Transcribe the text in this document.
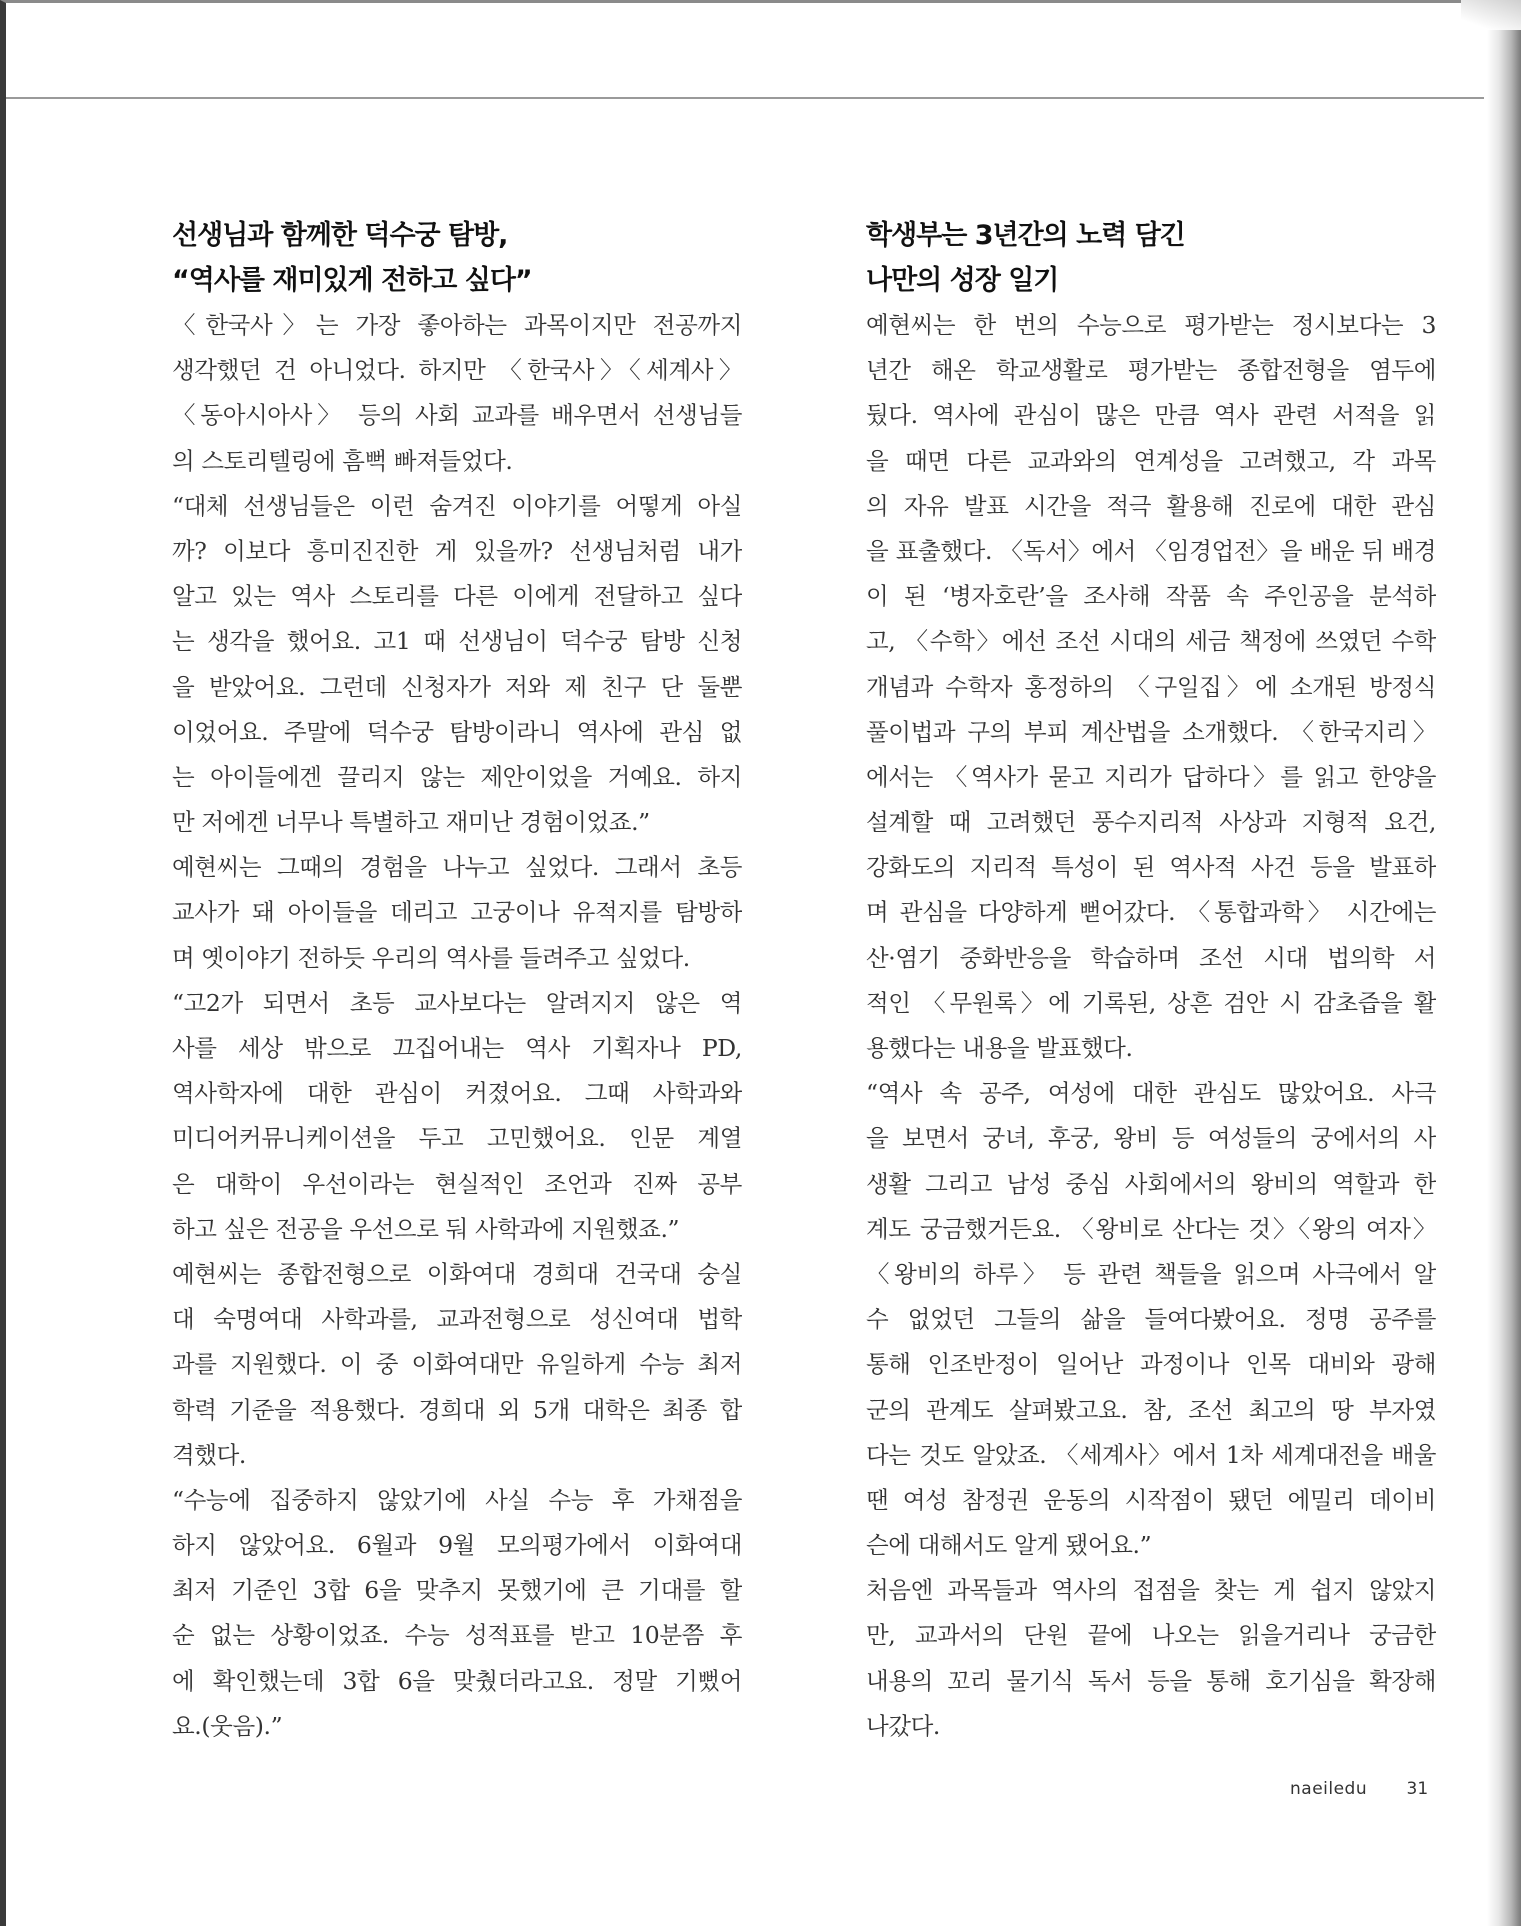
선생님과 함께한 덕수궁 탐방,
“역사를 재미있게 전하고 싶다”
〈한국사〉는 가장 좋아하는 과목이지만 전공까지
생각했던 건 아니었다. 하지만 〈한국사〉〈세계사〉
〈동아시아사〉 등의 사회 교과를 배우면서 선생님들
의 스토리텔링에 흠뻑 빠져들었다.
“대체 선생님들은 이런 숨겨진 이야기를 어떻게 아실
까? 이보다 흥미진진한 게 있을까? 선생님처럼 내가
알고 있는 역사 스토리를 다른 이에게 전달하고 싶다
는 생각을 했어요. 고1 때 선생님이 덕수궁 탐방 신청
을 받았어요. 그런데 신청자가 저와 제 친구 단 둘뿐
이었어요. 주말에 덕수궁 탐방이라니 역사에 관심 없
는 아이들에겐 끌리지 않는 제안이었을 거예요. 하지
만 저에겐 너무나 특별하고 재미난 경험이었죠.”
예현씨는 그때의 경험을 나누고 싶었다. 그래서 초등
교사가 돼 아이들을 데리고 고궁이나 유적지를 탐방하
며 옛이야기 전하듯 우리의 역사를 들려주고 싶었다.
“고2가 되면서 초등 교사보다는 알려지지 않은 역
사를 세상 밖으로 끄집어내는 역사 기획자나 PD,
역사학자에 대한 관심이 커졌어요. 그때 사학과와
미디어커뮤니케이션을 두고 고민했어요. 인문 계열
은 대학이 우선이라는 현실적인 조언과 진짜 공부
하고 싶은 전공을 우선으로 둬 사학과에 지원했죠.”
예현씨는 종합전형으로 이화여대 경희대 건국대 숭실
대 숙명여대 사학과를, 교과전형으로 성신여대 법학
과를 지원했다. 이 중 이화여대만 유일하게 수능 최저
학력 기준을 적용했다. 경희대 외 5개 대학은 최종 합
격했다.
“수능에 집중하지 않았기에 사실 수능 후 가채점을
하지 않았어요. 6월과 9월 모의평가에서 이화여대
최저 기준인 3합 6을 맞추지 못했기에 큰 기대를 할
순 없는 상황이었죠. 수능 성적표를 받고 10분쯤 후
에 확인했는데 3합 6을 맞췄더라고요. 정말 기뻤어
요.(웃음).”
학생부는 3년간의 노력 담긴
나만의 성장 일기
예현씨는 한 번의 수능으로 평가받는 정시보다는 3
년간 해온 학교생활로 평가받는 종합전형을 염두에
뒀다. 역사에 관심이 많은 만큼 역사 관련 서적을 읽
을 때면 다른 교과와의 연계성을 고려했고, 각 과목
의 자유 발표 시간을 적극 활용해 진로에 대한 관심
을 표출했다. 〈독서〉에서 〈임경업전〉을 배운 뒤 배경
이 된 ‘병자호란’을 조사해 작품 속 주인공을 분석하
고, 〈수학〉에선 조선 시대의 세금 책정에 쓰였던 수학
개념과 수학자 홍정하의 〈구일집〉에 소개된 방정식
풀이법과 구의 부피 계산법을 소개했다. 〈한국지리〉
에서는 〈역사가 묻고 지리가 답하다〉를 읽고 한양을
설계할 때 고려했던 풍수지리적 사상과 지형적 요건,
강화도의 지리적 특성이 된 역사적 사건 등을 발표하
며 관심을 다양하게 뻗어갔다. 〈통합과학〉 시간에는
산·염기 중화반응을 학습하며 조선 시대 법의학 서
적인 〈무원록〉에 기록된, 상흔 검안 시 감초즙을 활
용했다는 내용을 발표했다.
“역사 속 공주, 여성에 대한 관심도 많았어요. 사극
을 보면서 궁녀, 후궁, 왕비 등 여성들의 궁에서의 사
생활 그리고 남성 중심 사회에서의 왕비의 역할과 한
계도 궁금했거든요. 〈왕비로 산다는 것〉〈왕의 여자〉
〈왕비의 하루〉 등 관련 책들을 읽으며 사극에서 알
수 없었던 그들의 삶을 들여다봤어요. 정명 공주를
통해 인조반정이 일어난 과정이나 인목 대비와 광해
군의 관계도 살펴봤고요. 참, 조선 최고의 땅 부자였
다는 것도 알았죠. 〈세계사〉에서 1차 세계대전을 배울
땐 여성 참정권 운동의 시작점이 됐던 에밀리 데이비
슨에 대해서도 알게 됐어요.”
처음엔 과목들과 역사의 접점을 찾는 게 쉽지 않았지
만, 교과서의 단원 끝에 나오는 읽을거리나 궁금한
내용의 꼬리 물기식 독서 등을 통해 호기심을 확장해
나갔다.
naeiledu 31
